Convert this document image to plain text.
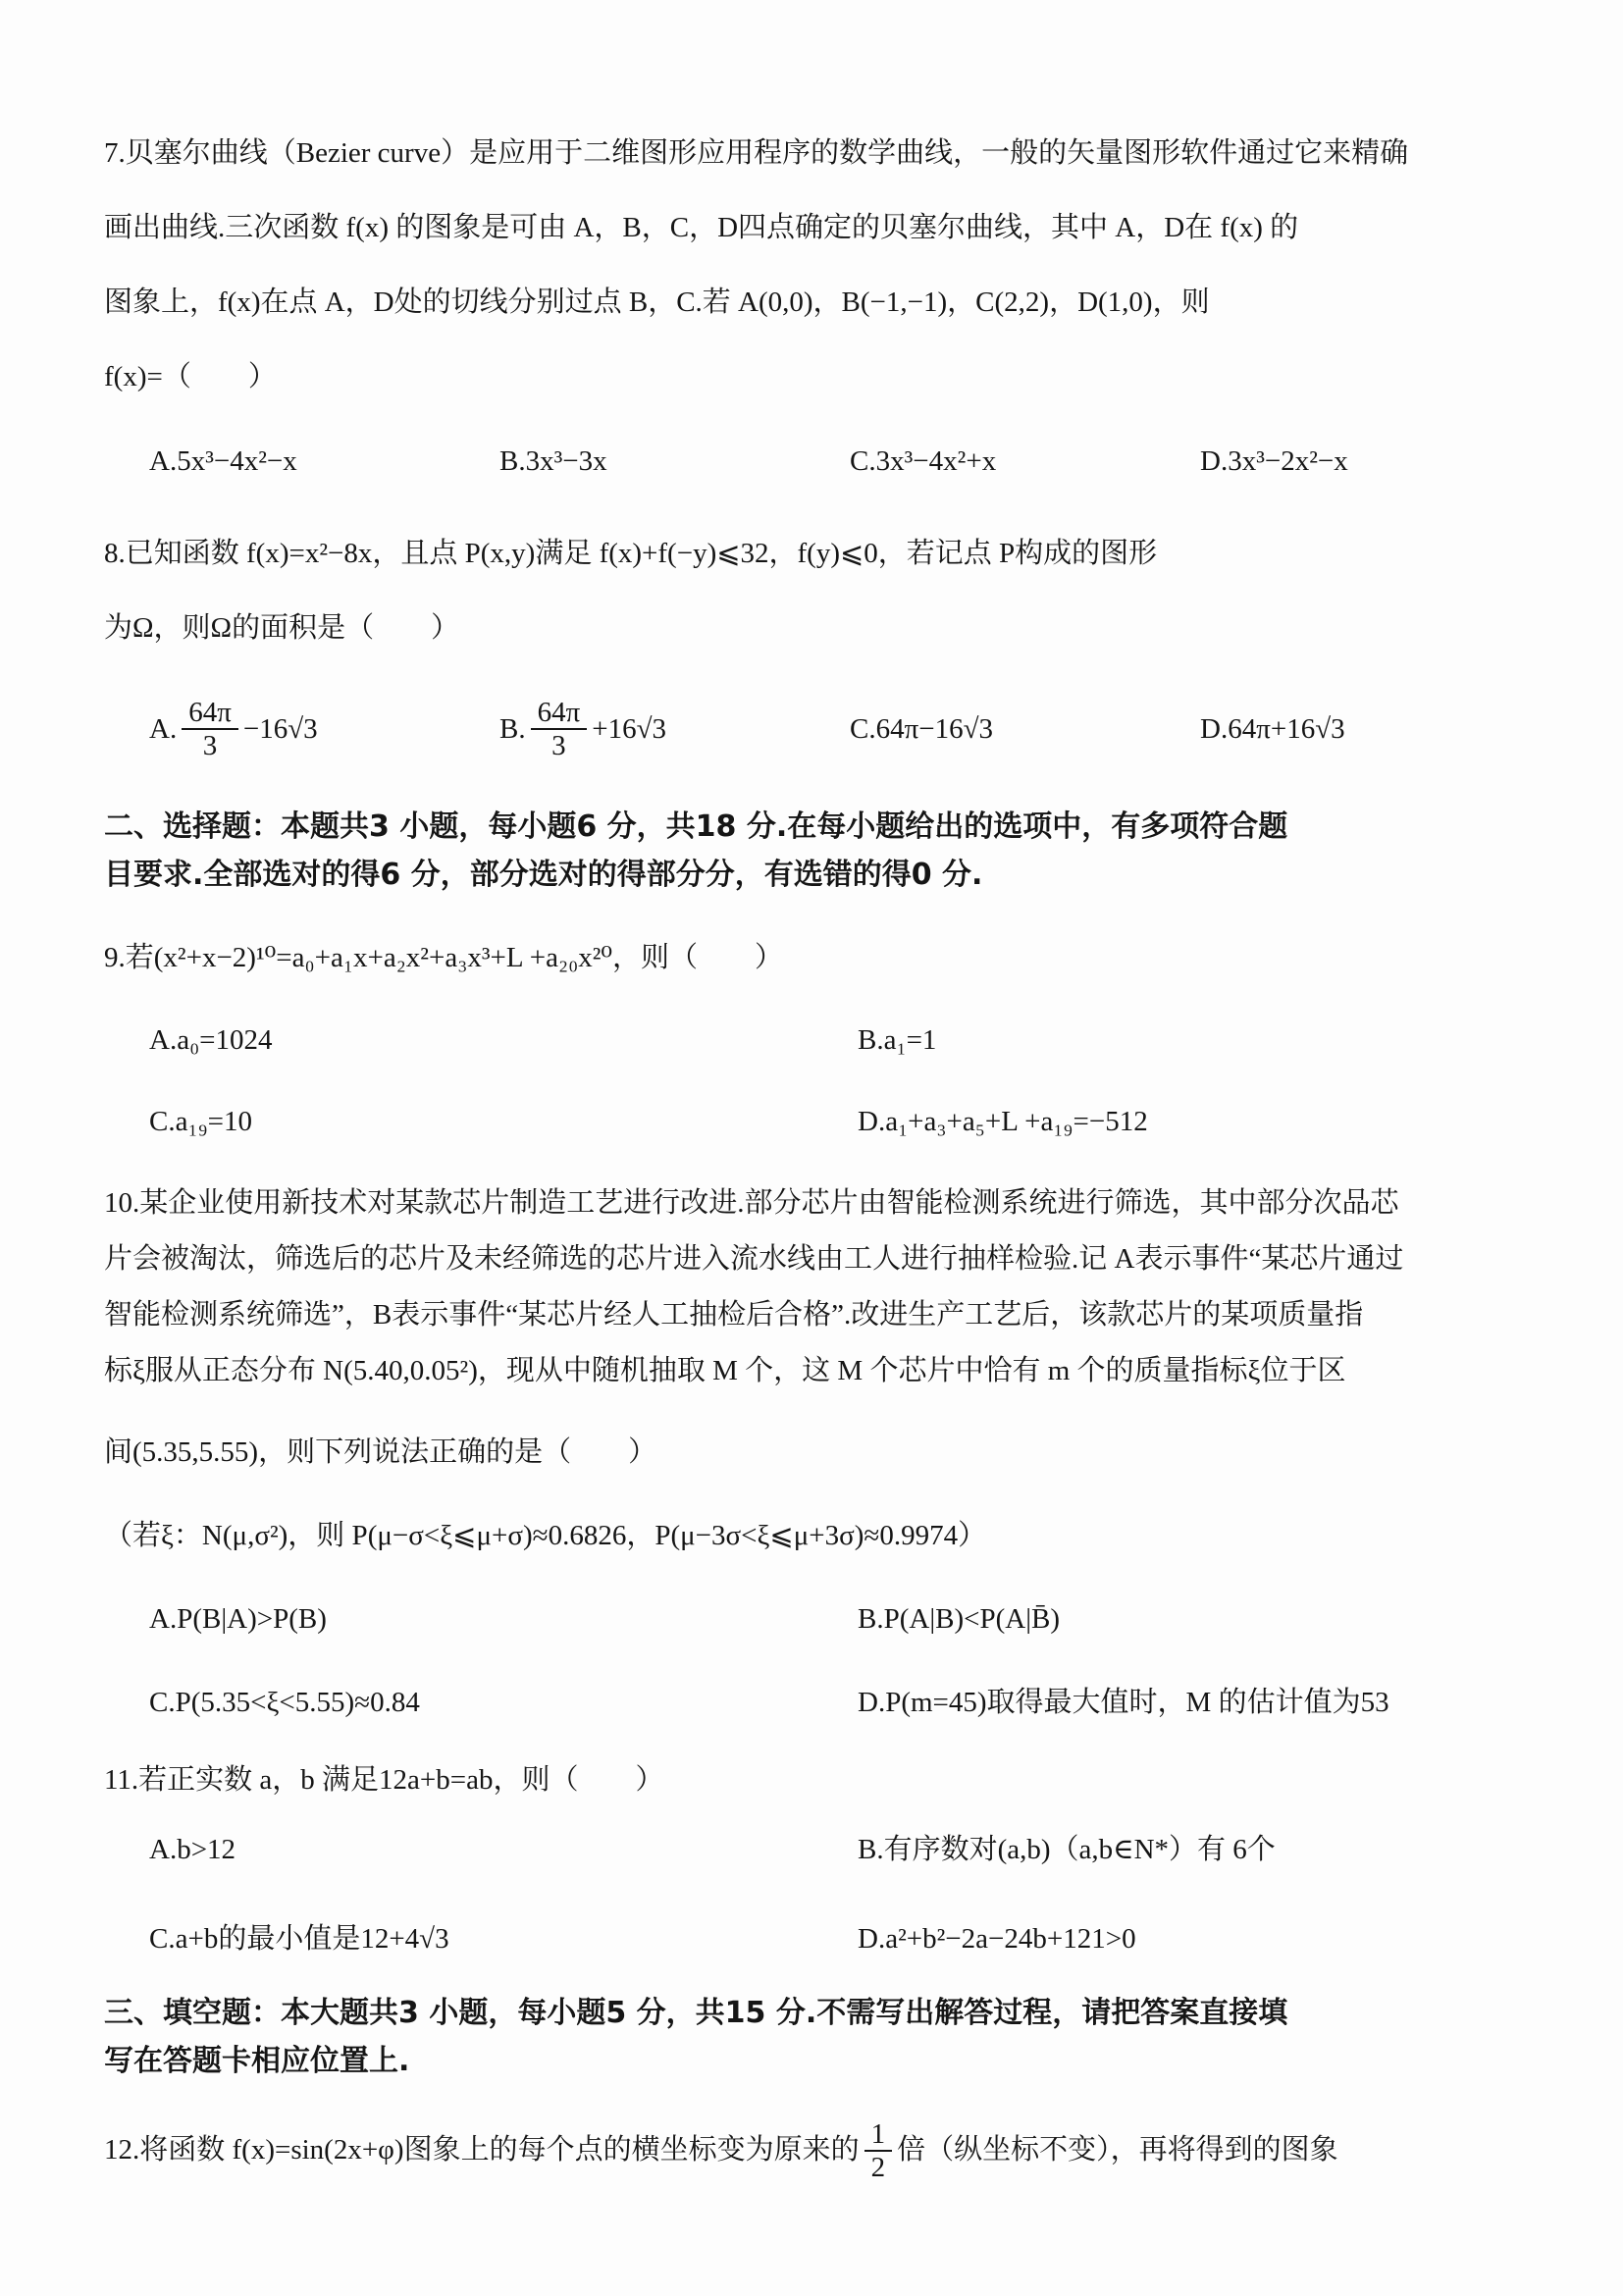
7.贝塞尔曲线（Bezier curve）是应用于二维图形应用程序的数学曲线，一般的矢量图形软件通过它来精确
画出曲线.三次函数 f(x) 的图象是可由 A，B，C，D四点确定的贝塞尔曲线，其中 A，D在 f(x) 的
图象上，f(x)在点 A，D处的切线分别过点 B，C.若 A(0,0)，B(−1,−1)，C(2,2)，D(1,0)，则
f(x)=（　　）
A.5x³−4x²−x	B.3x³−3x	C.3x³−4x²+x	D.3x³−2x²−x
8.已知函数 f(x)=x²−8x，且点 P(x,y)满足 f(x)+f(−y)⩽32，f(y)⩽0，若记点 P构成的图形
为Ω，则Ω的面积是（　　）
A. $\frac{64\pi}{3} -16√3$	B. $\frac{64\pi}{3} +16√3$	C. 64π−16√3	D. 64π+16√3
二、选择题：本题共3 小题，每小题6 分，共18 分.在每小题给出的选项中，有多项符合题
目要求.全部选对的得6 分，部分选对的得部分分，有选错的得0 分.
9.若(x²+x−2)¹⁰=a₀+a₁x+a₂x²+a₃x³+L +a₂₀x²⁰，则（　　）
A.a₀=1024	B.a₁=1
C.a₁₉=10	D.a₁+a₃+a₅+L +a₁₉=−512
10.某企业使用新技术对某款芯片制造工艺进行改进.部分芯片由智能检测系统进行筛选，其中部分次品芯
片会被淘汰，筛选后的芯片及未经筛选的芯片进入流水线由工人进行抽样检验.记 A表示事件“某芯片通过
智能检测系统筛选”，B表示事件“某芯片经人工抽检后合格”.改进生产工艺后，该款芯片的某项质量指
标ξ服从正态分布 N(5.40,0.05²)，现从中随机抽取 M 个，这 M 个芯片中恰有 m 个的质量指标ξ位于区
间(5.35,5.55)，则下列说法正确的是（　　）
（若ξ：N(μ,σ²)，则 P(μ−σ<ξ⩽μ+σ)≈0.6826，P(μ−3σ<ξ⩽μ+3σ)≈0.9974）
A.P(B|A)>P(B)	B.P(A|B)<P(A|B̄)
C.P(5.35<ξ<5.55)≈0.84	D.P(m=45)取得最大值时，M 的估计值为53
11.若正实数 a，b 满足12a+b=ab，则（　　）
A.b>12	B.有序数对(a,b)（a,b∈N*）有 6个
C.a+b的最小值是12+4√3	D.a²+b²−2a−24b+121>0
三、填空题：本大题共3 小题，每小题5 分，共15 分.不需写出解答过程，请把答案直接填
写在答题卡相应位置上.
12.将函数 f(x)=sin(2x+φ)图象上的每个点的横坐标变为原来的 $\frac{1}{2}$ 倍（纵坐标不变），再将得到的图象
